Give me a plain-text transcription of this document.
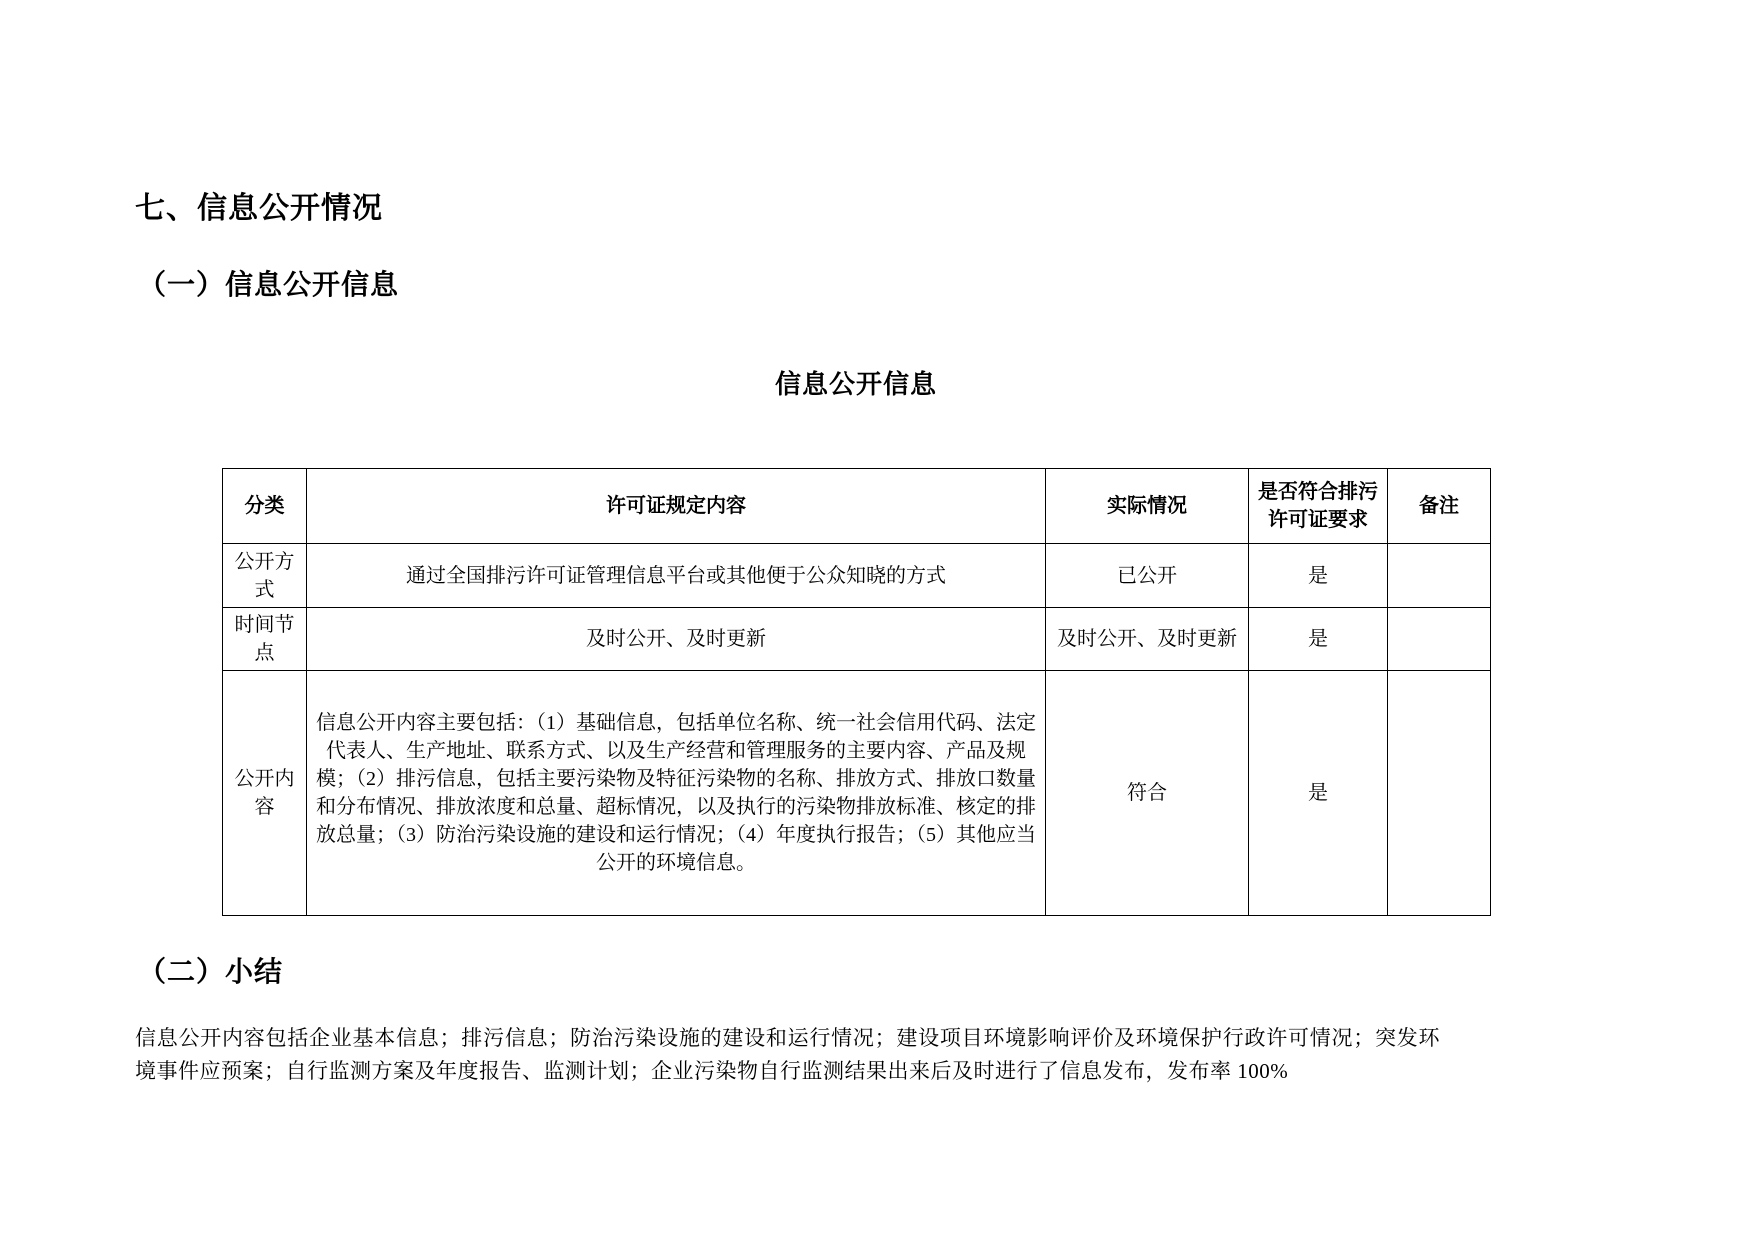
七、信息公开情况
（一）信息公开信息
信息公开信息
分类	许可证规定内容	实际情况	是否符合排污许可证要求	备注
公开方式	通过全国排污许可证管理信息平台或其他便于公众知晓的方式	已公开	是	
时间节点	及时公开、及时更新	及时公开、及时更新	是	
公开内容	信息公开内容主要包括：（1）基础信息，包括单位名称、统一社会信用代码、法定代表人、生产地址、联系方式、以及生产经营和管理服务的主要内容、产品及规模；（2）排污信息，包括主要污染物及特征污染物的名称、排放方式、排放口数量和分布情况、排放浓度和总量、超标情况，以及执行的污染物排放标准、核定的排放总量；（3）防治污染设施的建设和运行情况；（4）年度执行报告；（5）其他应当公开的环境信息。	符合	是	
（二）小结

信息公开内容包括企业基本信息；排污信息；防治污染设施的建设和运行情况；建设项目环境影响评价及环境保护行政许可情况；突发环境事件应预案；自行监测方案及年度报告、监测计划；企业污染物自行监测结果出来后及时进行了信息发布，发布率 100%
